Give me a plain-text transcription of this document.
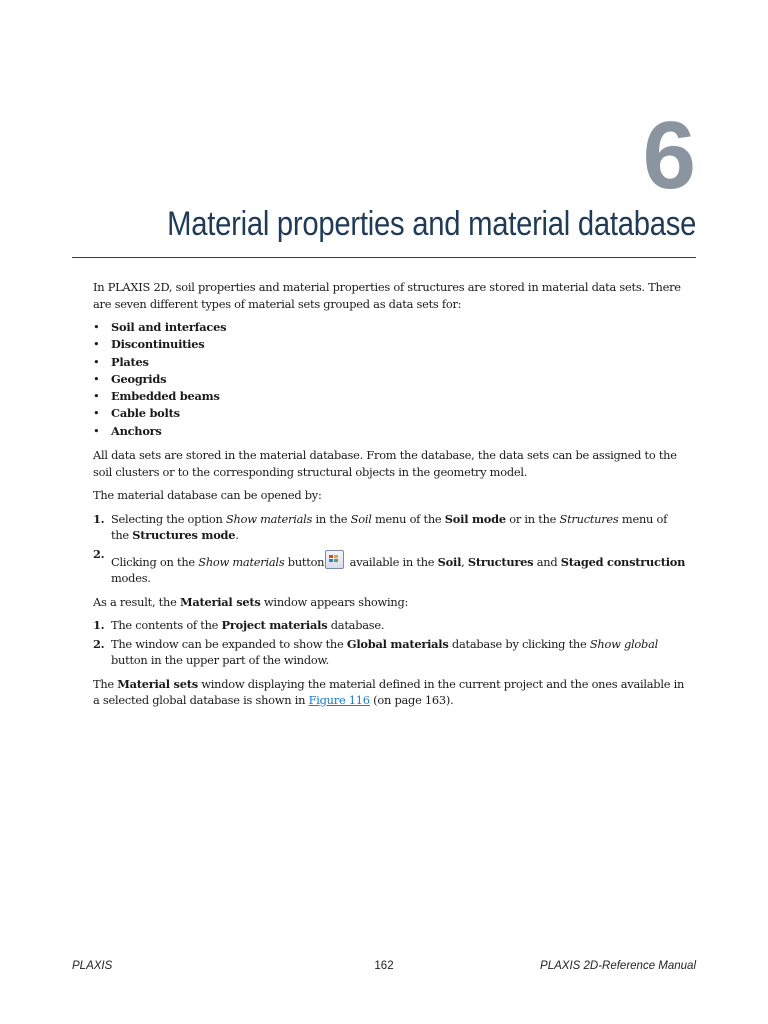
6
Material properties and material database

In PLAXIS 2D, soil properties and material properties of structures are stored in material data sets. There are seven different types of material sets grouped as data sets for:

• Soil and interfaces
• Discontinuities
• Plates
• Geogrids
• Embedded beams
• Cable bolts
• Anchors

All data sets are stored in the material database. From the database, the data sets can be assigned to the soil clusters or to the corresponding structural objects in the geometry model.

The material database can be opened by:

1. Selecting the option Show materials in the Soil menu of the Soil mode or in the Structures menu of the Structures mode.
2.
Clicking on the Show materials button
available in the Soil, Structures and Staged construction modes.

As a result, the Material sets window appears showing:

1. The contents of the Project materials database.
2. The window can be expanded to show the Global materials database by clicking the Show global button in the upper part of the window.

The Material sets window displaying the material defined in the current project and the ones available in a selected global database is shown in Figure 116 (on page 163).

PLAXIS	162	PLAXIS 2D-Reference Manual
